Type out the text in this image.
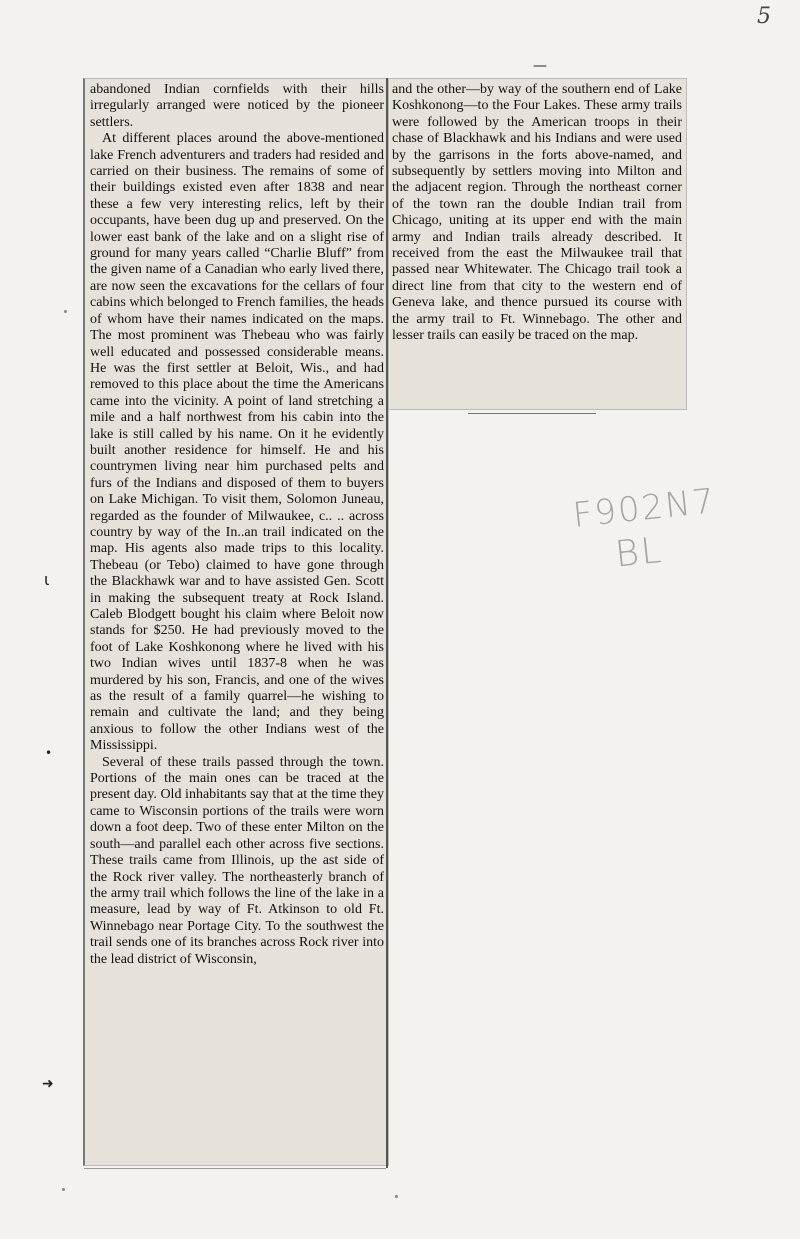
5

abandoned Indian cornfields with their hills irregularly arranged were noticed by the pioneer settlers.

At different places around the above-mentioned lake French adventurers and traders had resided and carried on their business. The remains of some of their buildings existed even after 1838 and near these a few very interesting relics, left by their occupants, have been dug up and preserved. On the lower east bank of the lake and on a slight rise of ground for many years called “Charlie Bluff” from the given name of a Canadian who early lived there, are now seen the excavations for the cellars of four cabins which belonged to French families, the heads of whom have their names indicated on the maps. The most prominent was Thebeau who was fairly well educated and possessed considerable means. He was the first settler at Beloit, Wis., and had removed to this place about the time the Americans came into the vicinity. A point of land stretching a mile and a half northwest from his cabin into the lake is still called by his name. On it he evidently built another residence for himself. He and his countrymen living near him purchased pelts and furs of the Indians and disposed of them to buyers on Lake Michigan. To visit them, Solomon Juneau, regarded as the founder of Milwaukee, c.. .. across country by way of the In..an trail indicated on the map. His agents also made trips to this locality. Thebeau (or Tebo) claimed to have gone through the Blackhawk war and to have assisted Gen. Scott in making the subsequent treaty at Rock Island. Caleb Blodgett bought his claim where Beloit now stands for $250. He had previously moved to the foot of Lake Koshkonong where he lived with his two Indian wives until 1837-8 when he was murdered by his son, Francis, and one of the wives as the result of a family quarrel—he wishing to remain and cultivate the land; and they being anxious to follow the other Indians west of the Mississippi.

Several of these trails passed through the town. Portions of the main ones can be traced at the present day. Old inhabitants say that at the time they came to Wisconsin portions of the trails were worn down a foot deep. Two of these enter Milton on the south—and parallel each other across five sections. These trails came from Illinois, up the ast side of the Rock river valley. The northeasterly branch of the army trail which follows the line of the lake in a measure, lead by way of Ft. Atkinson to old Ft. Winnebago near Portage City. To the southwest the trail sends one of its branches across Rock river into the lead district of Wisconsin,

and the other—by way of the southern end of Lake Koshkonong—to the Four Lakes. These army trails were followed by the American troops in their chase of Blackhawk and his Indians and were used by the garrisons in the forts above-named, and subsequently by settlers moving into Milton and the adjacent region. Through the northeast corner of the town ran the double Indian trail from Chicago, uniting at its upper end with the main army and Indian trails already described. It received from the east the Milwaukee trail that passed near Whitewater. The Chicago trail took a direct line from that city to the western end of Geneva lake, and thence pursued its course with the army trail to Ft. Winnebago. The other and lesser trails can easily be traced on the map.

F902N7
BL
—
ι
•
➜
